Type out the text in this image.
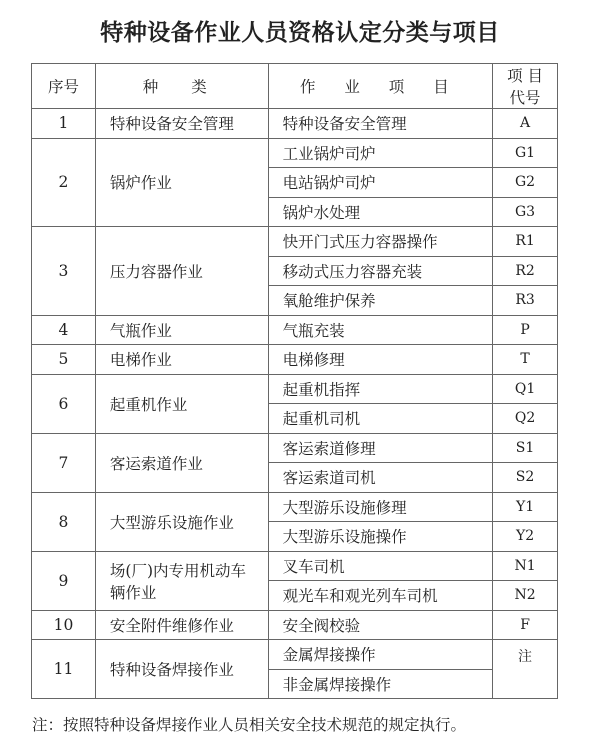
特种设备作业人员资格认定分类与项目
序号	种 类	作 业 项 目	项 目
代号
1	特种设备安全管理	特种设备安全管理	A
2	锅炉作业	工业锅炉司炉	G1
		电站锅炉司炉	G2
		锅炉水处理	G3
3	压力容器作业	快开门式压力容器操作	R1
		移动式压力容器充装	R2
		氧舱维护保养	R3
4	气瓶作业	气瓶充装	P
5	电梯作业	电梯修理	T
6	起重机作业	起重机指挥	Q1
		起重机司机	Q2
7	客运索道作业	客运索道修理	S1
		客运索道司机	S2
8	大型游乐设施作业	大型游乐设施修理	Y1
		大型游乐设施操作	Y2
9	场(厂)内专用机动车辆作业	叉车司机	N1
		观光车和观光列车司机	N2
10	安全附件维修作业	安全阀校验	F
11	特种设备焊接作业	金属焊接操作	注
		非金属焊接操作	
注：按照特种设备焊接作业人员相关安全技术规范的规定执行。
